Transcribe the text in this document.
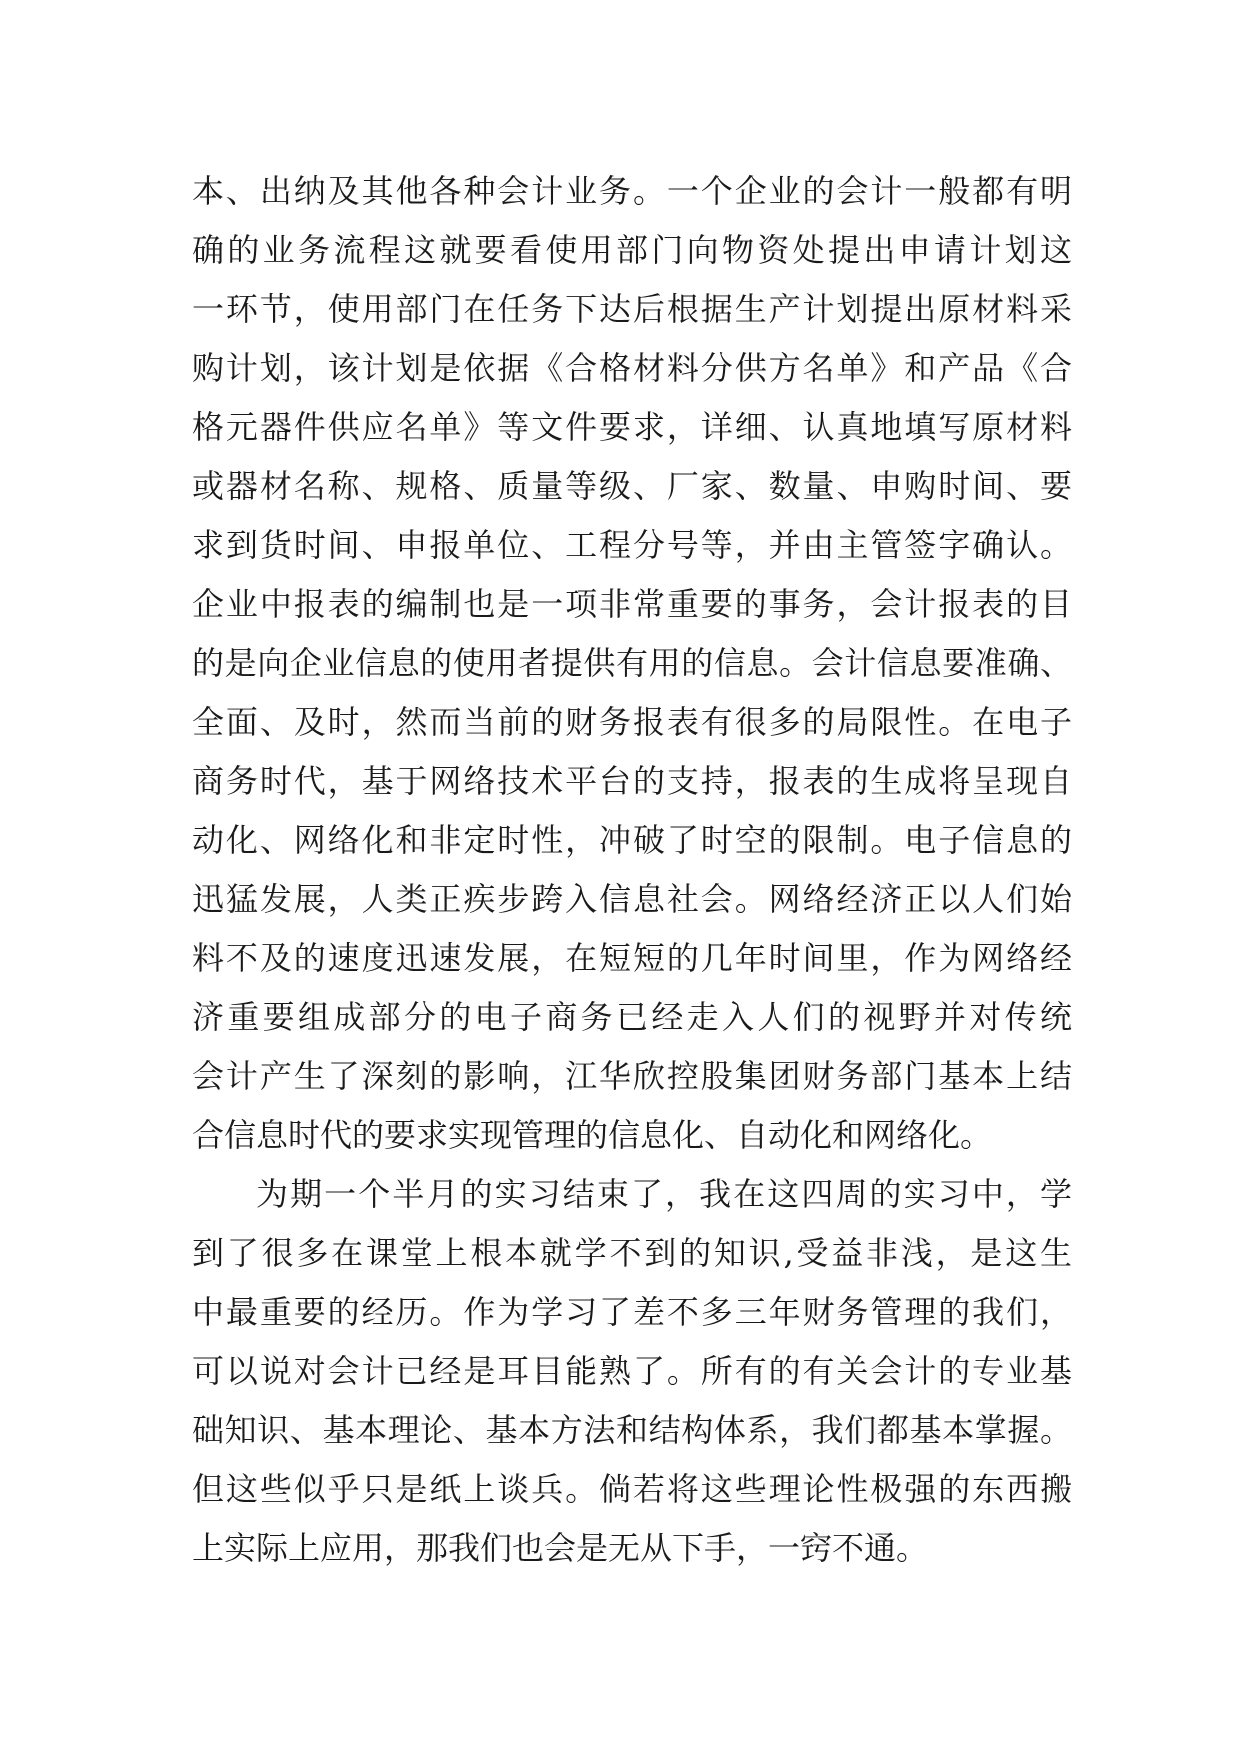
本、出纳及其他各种会计业务。一个企业的会计一般都有明
确的业务流程这就要看使用部门向物资处提出申请计划这
一环节，使用部门在任务下达后根据生产计划提出原材料采
购计划，该计划是依据《合格材料分供方名单》和产品《合
格元器件供应名单》等文件要求，详细、认真地填写原材料
或器材名称、规格、质量等级、厂家、数量、申购时间、要
求到货时间、申报单位、工程分号等，并由主管签字确认。
企业中报表的编制也是一项非常重要的事务，会计报表的目
的是向企业信息的使用者提供有用的信息。会计信息要准确、
全面、及时，然而当前的财务报表有很多的局限性。在电子
商务时代，基于网络技术平台的支持，报表的生成将呈现自
动化、网络化和非定时性，冲破了时空的限制。电子信息的
迅猛发展，人类正疾步跨入信息社会。网络经济正以人们始
料不及的速度迅速发展，在短短的几年时间里，作为网络经
济重要组成部分的电子商务已经走入人们的视野并对传统
会计产生了深刻的影响，江华欣控股集团财务部门基本上结
合信息时代的要求实现管理的信息化、自动化和网络化。
为期一个半月的实习结束了，我在这四周的实习中，学
到了很多在课堂上根本就学不到的知识,受益非浅，是这生
中最重要的经历。作为学习了差不多三年财务管理的我们，
可以说对会计已经是耳目能熟了。所有的有关会计的专业基
础知识、基本理论、基本方法和结构体系，我们都基本掌握。
但这些似乎只是纸上谈兵。倘若将这些理论性极强的东西搬
上实际上应用，那我们也会是无从下手，一窍不通。
